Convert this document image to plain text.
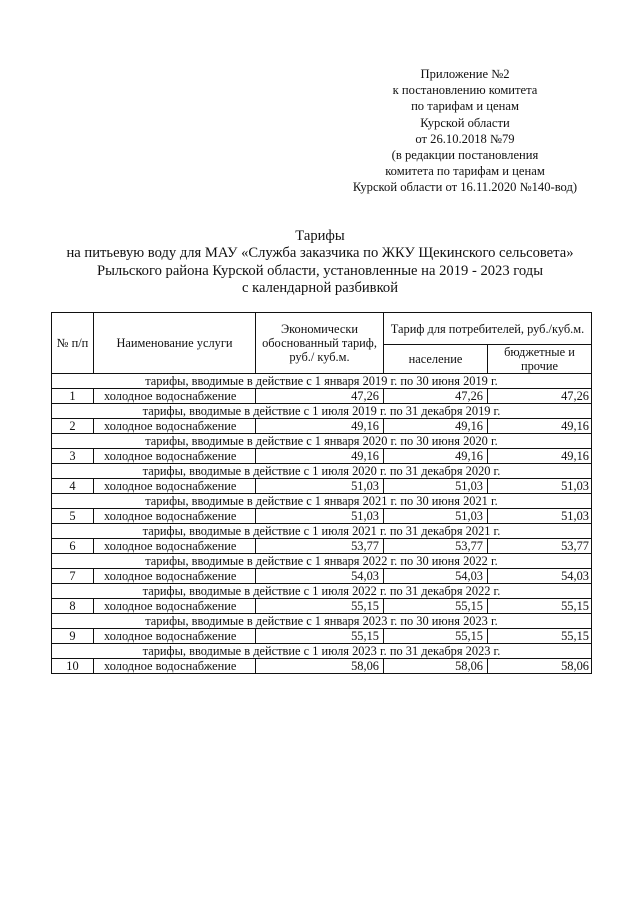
Приложение №2
к постановлению комитета
по тарифам и ценам
Курской области
от 26.10.2018 №79
(в редакции постановления
комитета по тарифам и ценам
Курской области от 16.11.2020 №140-вод)
Тарифы
на питьевую воду для МАУ «Служба заказчика по ЖКУ Щекинского сельсовета»
Рыльского района Курской области, установленные на 2019 - 2023 годы
с календарной разбивкой
№ п/п	Наименование услуги	Экономически обоснованный тариф, руб./ куб.м.	Тариф для потребителей, руб./куб.м.	
			население	бюджетные и прочие
тарифы, вводимые в действие с 1 января 2019 г. по 30 июня 2019 г.				
1	холодное водоснабжение	47,26	47,26	47,26
тарифы, вводимые в действие с 1 июля 2019 г. по 31 декабря 2019 г.				
2	холодное водоснабжение	49,16	49,16	49,16
тарифы, вводимые в действие с 1 января 2020 г. по 30 июня 2020 г.				
3	холодное водоснабжение	49,16	49,16	49,16
тарифы, вводимые в действие с 1 июля 2020 г. по 31 декабря 2020 г.				
4	холодное водоснабжение	51,03	51,03	51,03
тарифы, вводимые в действие с 1 января 2021 г. по 30 июня 2021 г.				
5	холодное водоснабжение	51,03	51,03	51,03
тарифы, вводимые в действие с 1 июля 2021 г. по 31 декабря 2021 г.				
6	холодное водоснабжение	53,77	53,77	53,77
тарифы, вводимые в действие с 1 января 2022 г. по 30 июня 2022 г.				
7	холодное водоснабжение	54,03	54,03	54,03
тарифы, вводимые в действие с 1 июля 2022 г. по 31 декабря 2022 г.				
8	холодное водоснабжение	55,15	55,15	55,15
тарифы, вводимые в действие с 1 января 2023 г. по 30 июня 2023 г.				
9	холодное водоснабжение	55,15	55,15	55,15
тарифы, вводимые в действие с 1 июля 2023 г. по 31 декабря 2023 г.				
10	холодное водоснабжение	58,06	58,06	58,06
